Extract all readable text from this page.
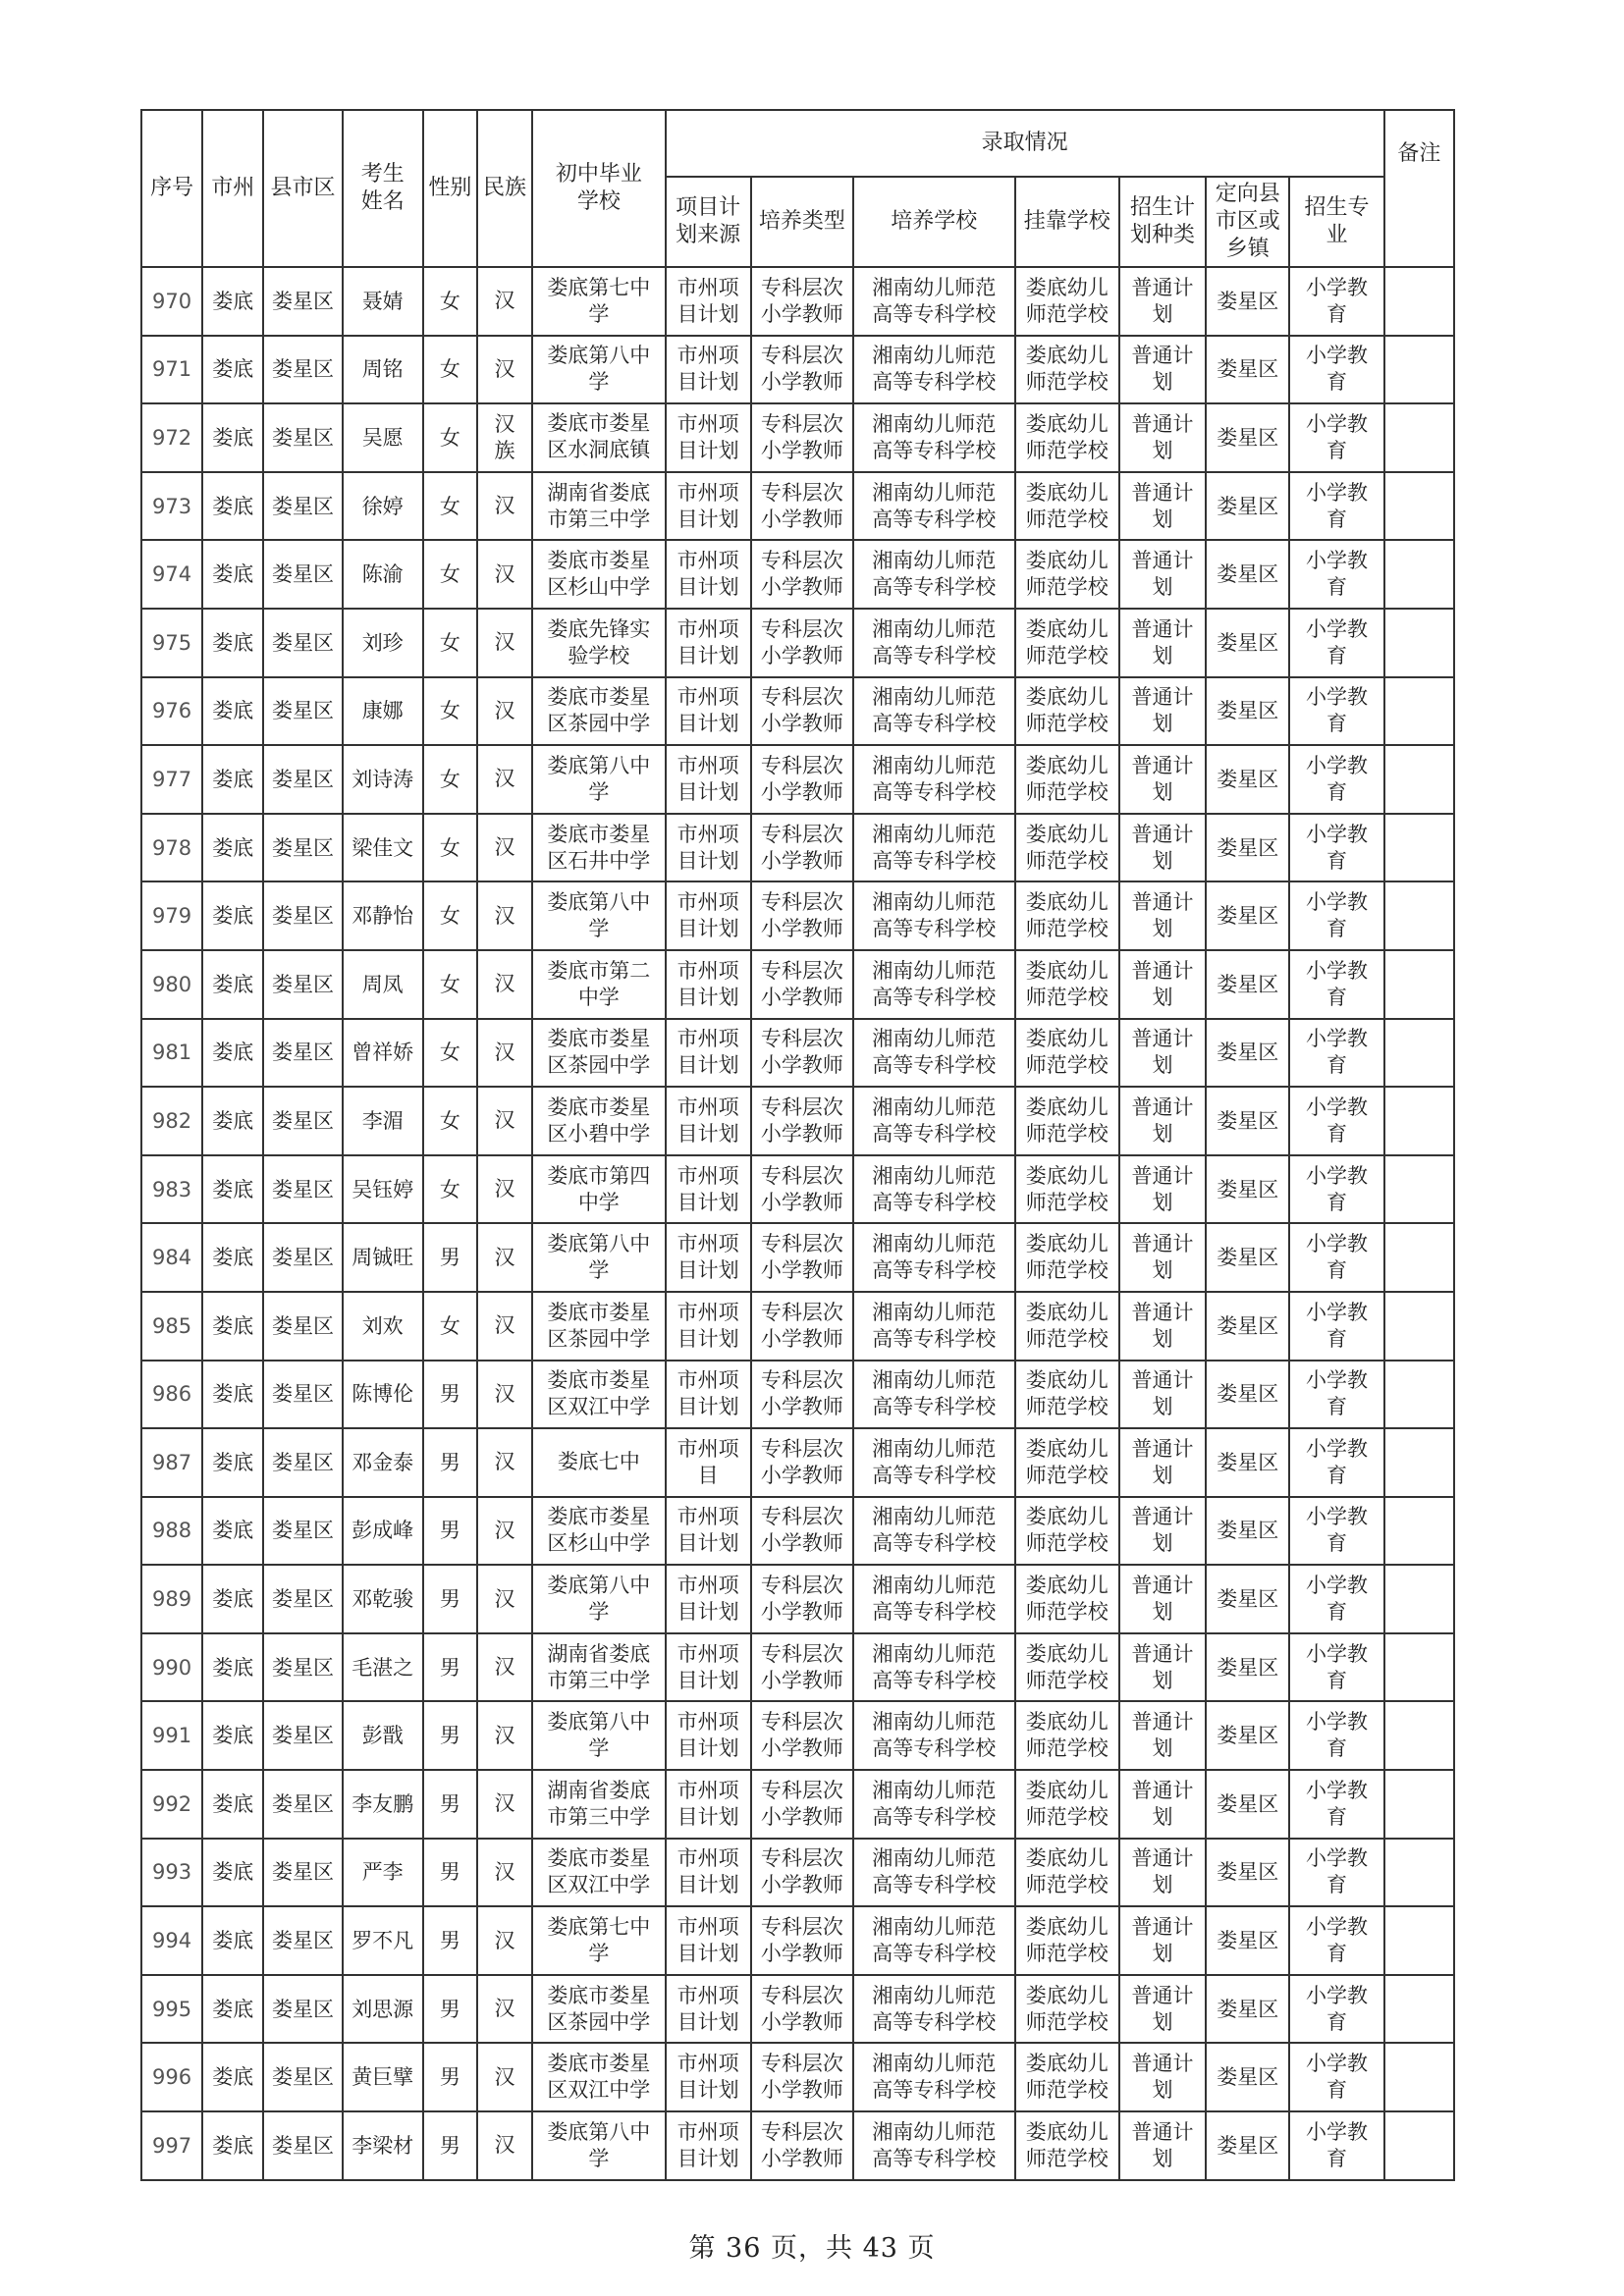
序号	市州	县市区	考生姓名	性别	民族	初中毕业学校	录取情况							备注
							项目计划来源	培养类型	培养学校	挂靠学校	招生计划种类	定向县市区或乡镇	招生专业	

970	娄底	娄星区	聂婧	女	汉	娄底第七中学	市州项目计划	专科层次小学教师	湘南幼儿师范高等专科学校	娄底幼儿师范学校	普通计划	娄星区	小学教育	

971	娄底	娄星区	周铭	女	汉	娄底第八中学	市州项目计划	专科层次小学教师	湘南幼儿师范高等专科学校	娄底幼儿师范学校	普通计划	娄星区	小学教育	

972	娄底	娄星区	吴愿	女	汉族	娄底市娄星区水洞底镇	市州项目计划	专科层次小学教师	湘南幼儿师范高等专科学校	娄底幼儿师范学校	普通计划	娄星区	小学教育	

973	娄底	娄星区	徐婷	女	汉	湖南省娄底市第三中学	市州项目计划	专科层次小学教师	湘南幼儿师范高等专科学校	娄底幼儿师范学校	普通计划	娄星区	小学教育	

974	娄底	娄星区	陈渝	女	汉	娄底市娄星区杉山中学	市州项目计划	专科层次小学教师	湘南幼儿师范高等专科学校	娄底幼儿师范学校	普通计划	娄星区	小学教育	

975	娄底	娄星区	刘珍	女	汉	娄底先锋实验学校	市州项目计划	专科层次小学教师	湘南幼儿师范高等专科学校	娄底幼儿师范学校	普通计划	娄星区	小学教育	

976	娄底	娄星区	康娜	女	汉	娄底市娄星区茶园中学	市州项目计划	专科层次小学教师	湘南幼儿师范高等专科学校	娄底幼儿师范学校	普通计划	娄星区	小学教育	

977	娄底	娄星区	刘诗涛	女	汉	娄底第八中学	市州项目计划	专科层次小学教师	湘南幼儿师范高等专科学校	娄底幼儿师范学校	普通计划	娄星区	小学教育	

978	娄底	娄星区	梁佳文	女	汉	娄底市娄星区石井中学	市州项目计划	专科层次小学教师	湘南幼儿师范高等专科学校	娄底幼儿师范学校	普通计划	娄星区	小学教育	

979	娄底	娄星区	邓静怡	女	汉	娄底第八中学	市州项目计划	专科层次小学教师	湘南幼儿师范高等专科学校	娄底幼儿师范学校	普通计划	娄星区	小学教育	

980	娄底	娄星区	周凤	女	汉	娄底市第二中学	市州项目计划	专科层次小学教师	湘南幼儿师范高等专科学校	娄底幼儿师范学校	普通计划	娄星区	小学教育	

981	娄底	娄星区	曾祥娇	女	汉	娄底市娄星区茶园中学	市州项目计划	专科层次小学教师	湘南幼儿师范高等专科学校	娄底幼儿师范学校	普通计划	娄星区	小学教育	

982	娄底	娄星区	李湄	女	汉	娄底市娄星区小碧中学	市州项目计划	专科层次小学教师	湘南幼儿师范高等专科学校	娄底幼儿师范学校	普通计划	娄星区	小学教育	

983	娄底	娄星区	吴钰婷	女	汉	娄底市第四中学	市州项目计划	专科层次小学教师	湘南幼儿师范高等专科学校	娄底幼儿师范学校	普通计划	娄星区	小学教育	

984	娄底	娄星区	周铖旺	男	汉	娄底第八中学	市州项目计划	专科层次小学教师	湘南幼儿师范高等专科学校	娄底幼儿师范学校	普通计划	娄星区	小学教育	

985	娄底	娄星区	刘欢	女	汉	娄底市娄星区茶园中学	市州项目计划	专科层次小学教师	湘南幼儿师范高等专科学校	娄底幼儿师范学校	普通计划	娄星区	小学教育	

986	娄底	娄星区	陈博伦	男	汉	娄底市娄星区双江中学	市州项目计划	专科层次小学教师	湘南幼儿师范高等专科学校	娄底幼儿师范学校	普通计划	娄星区	小学教育	

987	娄底	娄星区	邓金泰	男	汉	娄底七中	市州项目	专科层次小学教师	湘南幼儿师范高等专科学校	娄底幼儿师范学校	普通计划	娄星区	小学教育	

988	娄底	娄星区	彭成峰	男	汉	娄底市娄星区杉山中学	市州项目计划	专科层次小学教师	湘南幼儿师范高等专科学校	娄底幼儿师范学校	普通计划	娄星区	小学教育	

989	娄底	娄星区	邓乾骏	男	汉	娄底第八中学	市州项目计划	专科层次小学教师	湘南幼儿师范高等专科学校	娄底幼儿师范学校	普通计划	娄星区	小学教育	

990	娄底	娄星区	毛湛之	男	汉	湖南省娄底市第三中学	市州项目计划	专科层次小学教师	湘南幼儿师范高等专科学校	娄底幼儿师范学校	普通计划	娄星区	小学教育	

991	娄底	娄星区	彭戬	男	汉	娄底第八中学	市州项目计划	专科层次小学教师	湘南幼儿师范高等专科学校	娄底幼儿师范学校	普通计划	娄星区	小学教育	

992	娄底	娄星区	李友鹏	男	汉	湖南省娄底市第三中学	市州项目计划	专科层次小学教师	湘南幼儿师范高等专科学校	娄底幼儿师范学校	普通计划	娄星区	小学教育	

993	娄底	娄星区	严李	男	汉	娄底市娄星区双江中学	市州项目计划	专科层次小学教师	湘南幼儿师范高等专科学校	娄底幼儿师范学校	普通计划	娄星区	小学教育	

994	娄底	娄星区	罗不凡	男	汉	娄底第七中学	市州项目计划	专科层次小学教师	湘南幼儿师范高等专科学校	娄底幼儿师范学校	普通计划	娄星区	小学教育	

995	娄底	娄星区	刘思源	男	汉	娄底市娄星区茶园中学	市州项目计划	专科层次小学教师	湘南幼儿师范高等专科学校	娄底幼儿师范学校	普通计划	娄星区	小学教育	

996	娄底	娄星区	黄巨擘	男	汉	娄底市娄星区双江中学	市州项目计划	专科层次小学教师	湘南幼儿师范高等专科学校	娄底幼儿师范学校	普通计划	娄星区	小学教育	

997	娄底	娄星区	李梁材	男	汉	娄底第八中学	市州项目计划	专科层次小学教师	湘南幼儿师范高等专科学校	娄底幼儿师范学校	普通计划	娄星区	小学教育	

第 36 页，共 43 页
